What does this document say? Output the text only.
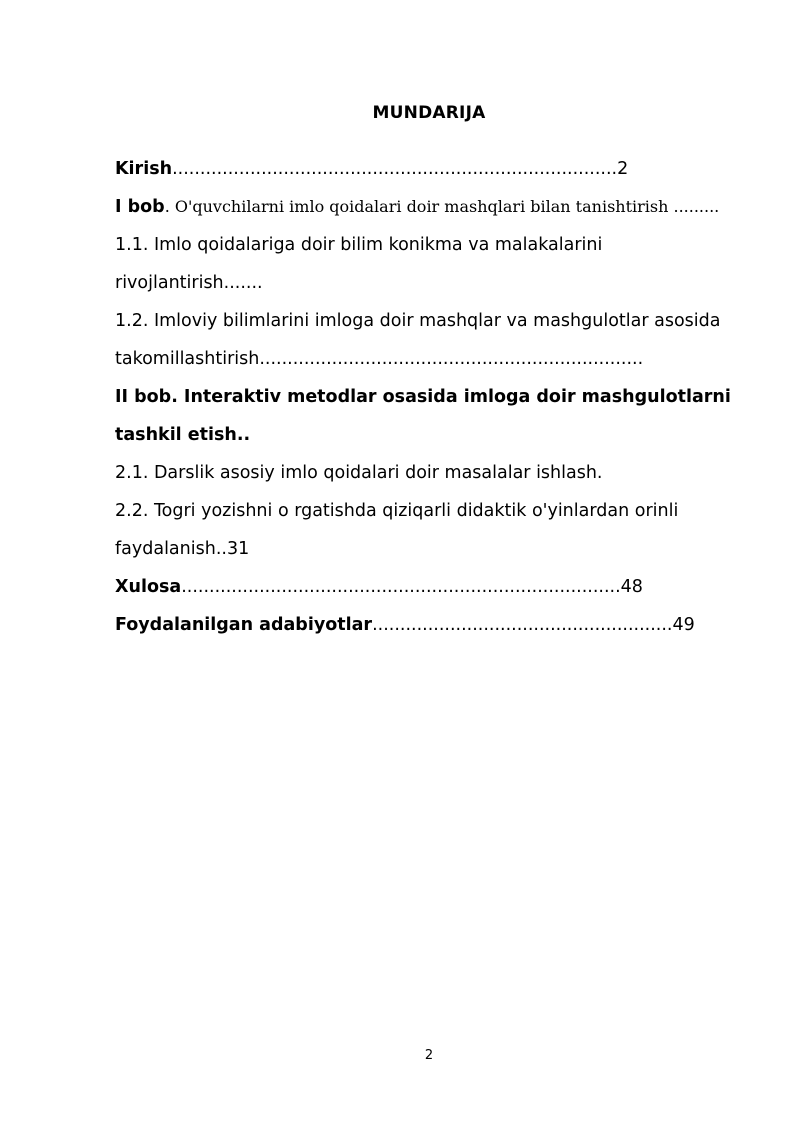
MUNDARIJA
Kirish................................................................................2
I bob. O'quvchilarni imlo qoidalari doir mashqlari bilan tanishtirish .........
1.1. Imlo qoidalariga doir bilim konikma va malakalarini
rivojlantirish.......
1.2. Imloviy bilimlarini imloga doir mashqlar va mashgulotlar asosida
takomillashtirish.....................................................................
II bob. Interaktiv metodlar osasida imloga doir mashgulotlarni
tashkil etish..
2.1. Darslik asosiy imlo qoidalari doir masalalar ishlash.
2.2. Togri yozishni o rgatishda qiziqarli didaktik o'yinlardan orinli
faydalanish..31
Xulosa...............................................................................48
Foydalanilgan adabiyotlar......................................................49
2
